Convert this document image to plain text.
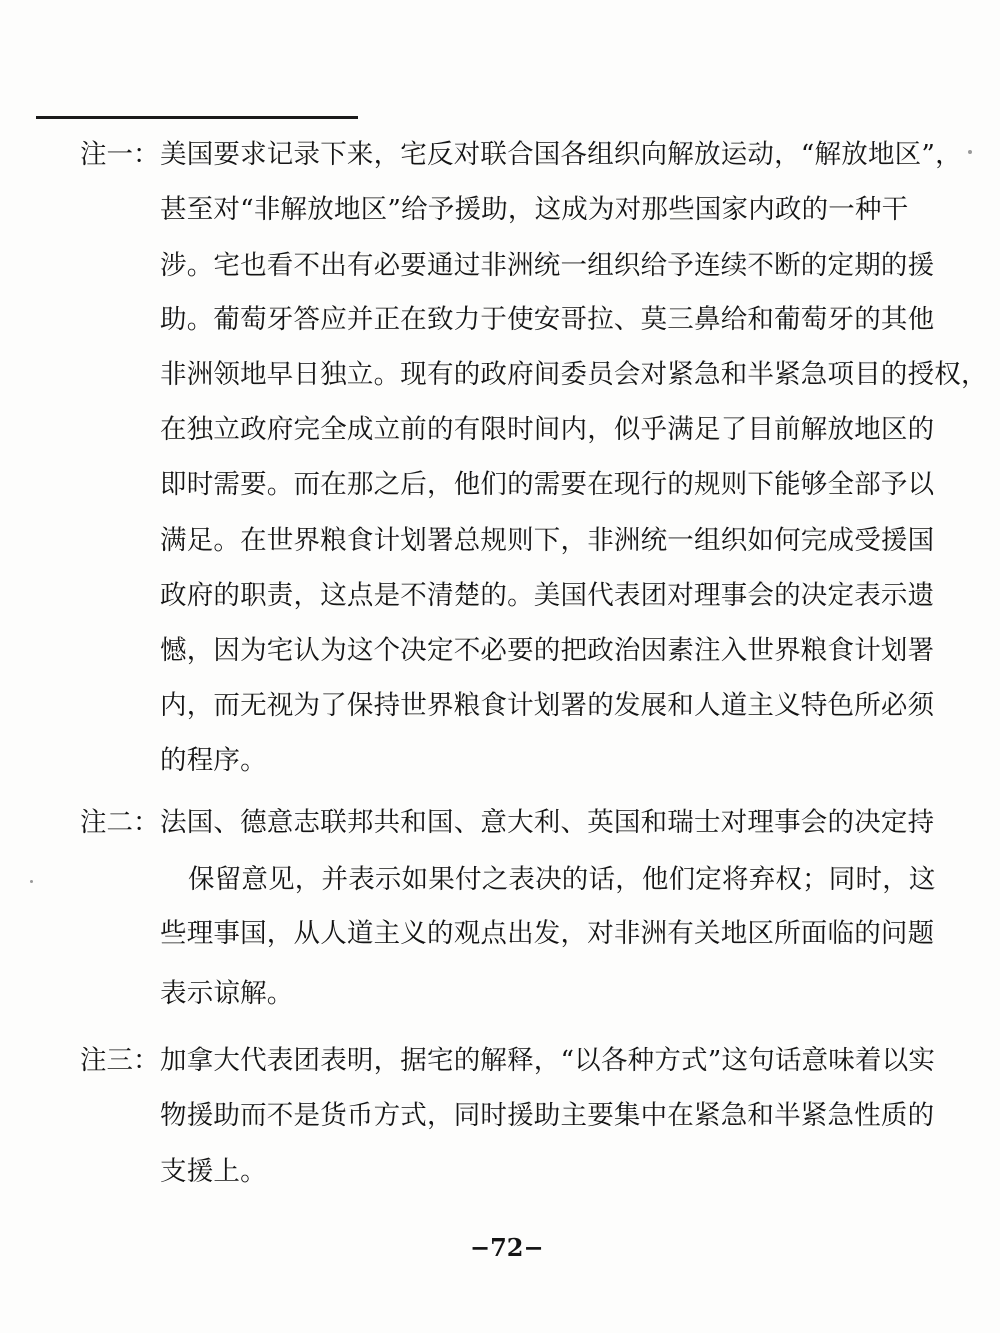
注一： 美国要求记录下来，宅反对联合国各组织向解放运动，“解放地区”，
甚至对“非解放地区”给予援助，这成为对那些国家内政的一种干
涉。宅也看不出有必要通过非洲统一组织给予连续不断的定期的援
助。葡萄牙答应并正在致力于使安哥拉、莫三鼻给和葡萄牙的其他
非洲领地早日独立。现有的政府间委员会对紧急和半紧急项目的授权，
在独立政府完全成立前的有限时间内，似乎满足了目前解放地区的
即时需要。而在那之后，他们的需要在现行的规则下能够全部予以
满足。在世界粮食计划署总规则下，非洲统一组织如何完成受援国
政府的职责，这点是不清楚的。美国代表团对理事会的决定表示遗
憾，因为宅认为这个决定不必要的把政治因素注入世界粮食计划署
内，而无视为了保持世界粮食计划署的发展和人道主义特色所必须
的程序。
注二： 法国、德意志联邦共和国、意大利、英国和瑞士对理事会的决定持
保留意见，并表示如果付之表决的话，他们定将弃权；同时，这
些理事国，从人道主义的观点出发，对非洲有关地区所面临的问题
表示谅解。
注三： 加拿大代表团表明，据宅的解释，“以各种方式”这句话意味着以实
物援助而不是货币方式，同时援助主要集中在紧急和半紧急性质的
支援上。
−72−
